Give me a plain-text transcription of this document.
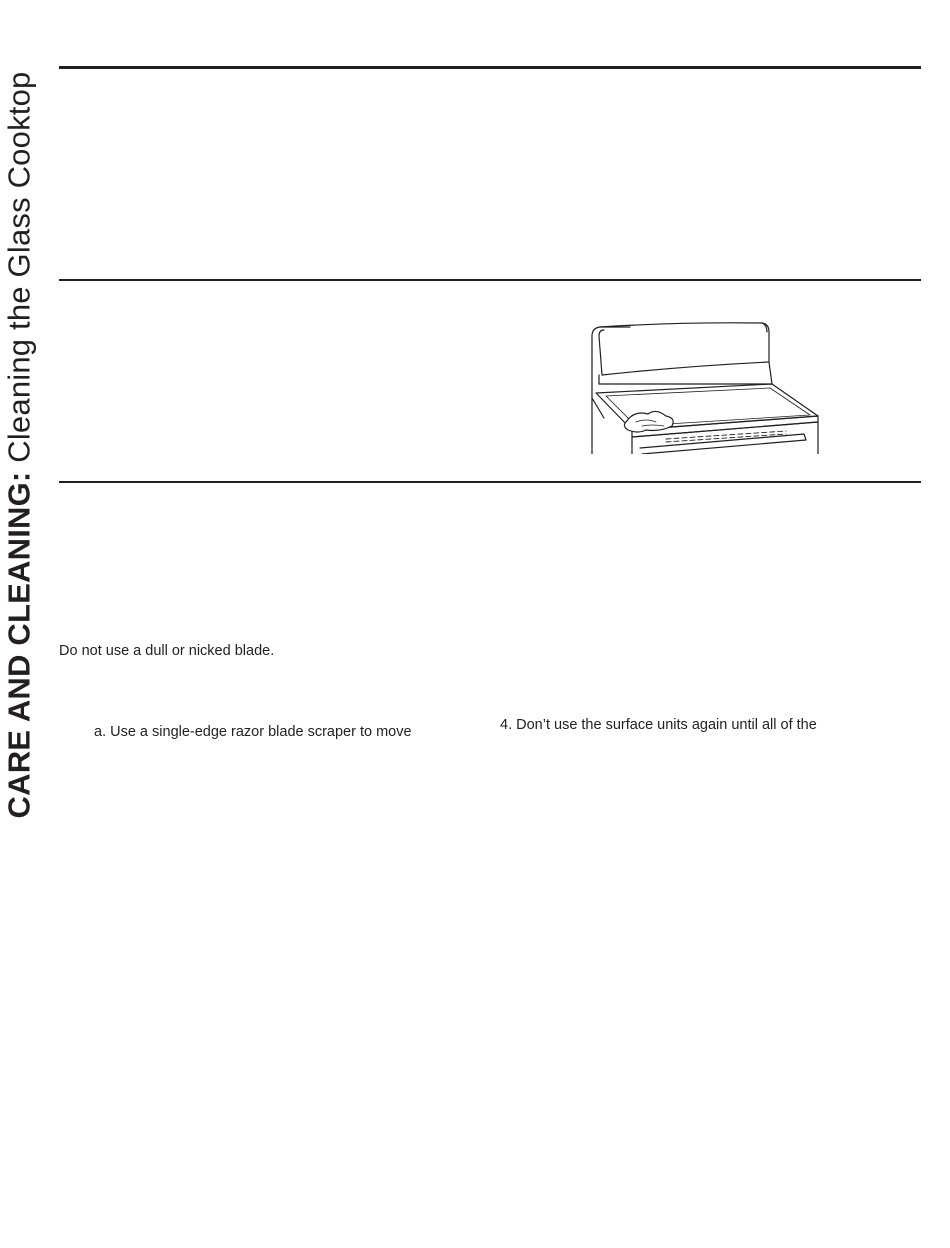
CARE AND CLEANING: Cleaning the Glass Cooktop
Do not use a dull or nicked blade.
a. Use a single-edge razor blade scraper to move	4. Don’t use the surface units again until all of the
